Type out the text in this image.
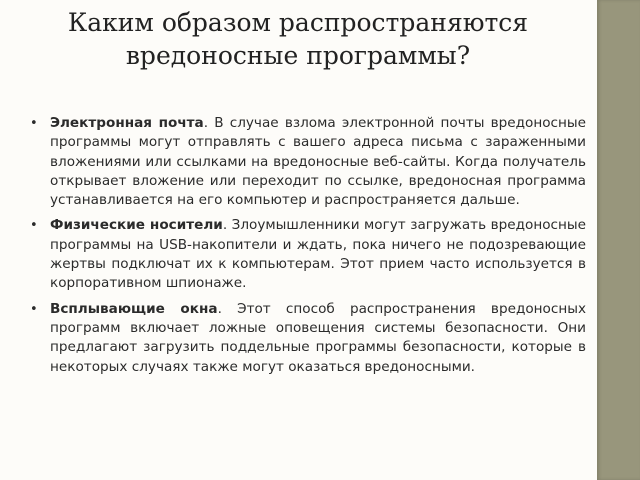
Каким образом распространяются вредоносные программы?
• Электронная почта. В случае взлома электронной почты вредоносные программы могут отправлять с вашего адреса письма с зараженными вложениями или ссылками на вредоносные веб-сайты. Когда получатель открывает вложение или переходит по ссылке, вредоносная программа устанавливается на его компьютер и распространяется дальше.
• Физические носители. Злоумышленники могут загружать вредоносные программы на USB-накопители и ждать, пока ничего не подозревающие жертвы подключат их к компьютерам. Этот прием часто используется в корпоративном шпионаже.
• Всплывающие окна. Этот способ распространения вредоносных программ включает ложные оповещения системы безопасности. Они предлагают загрузить поддельные программы безопасности, которые в некоторых случаях также могут оказаться вредоносными.
